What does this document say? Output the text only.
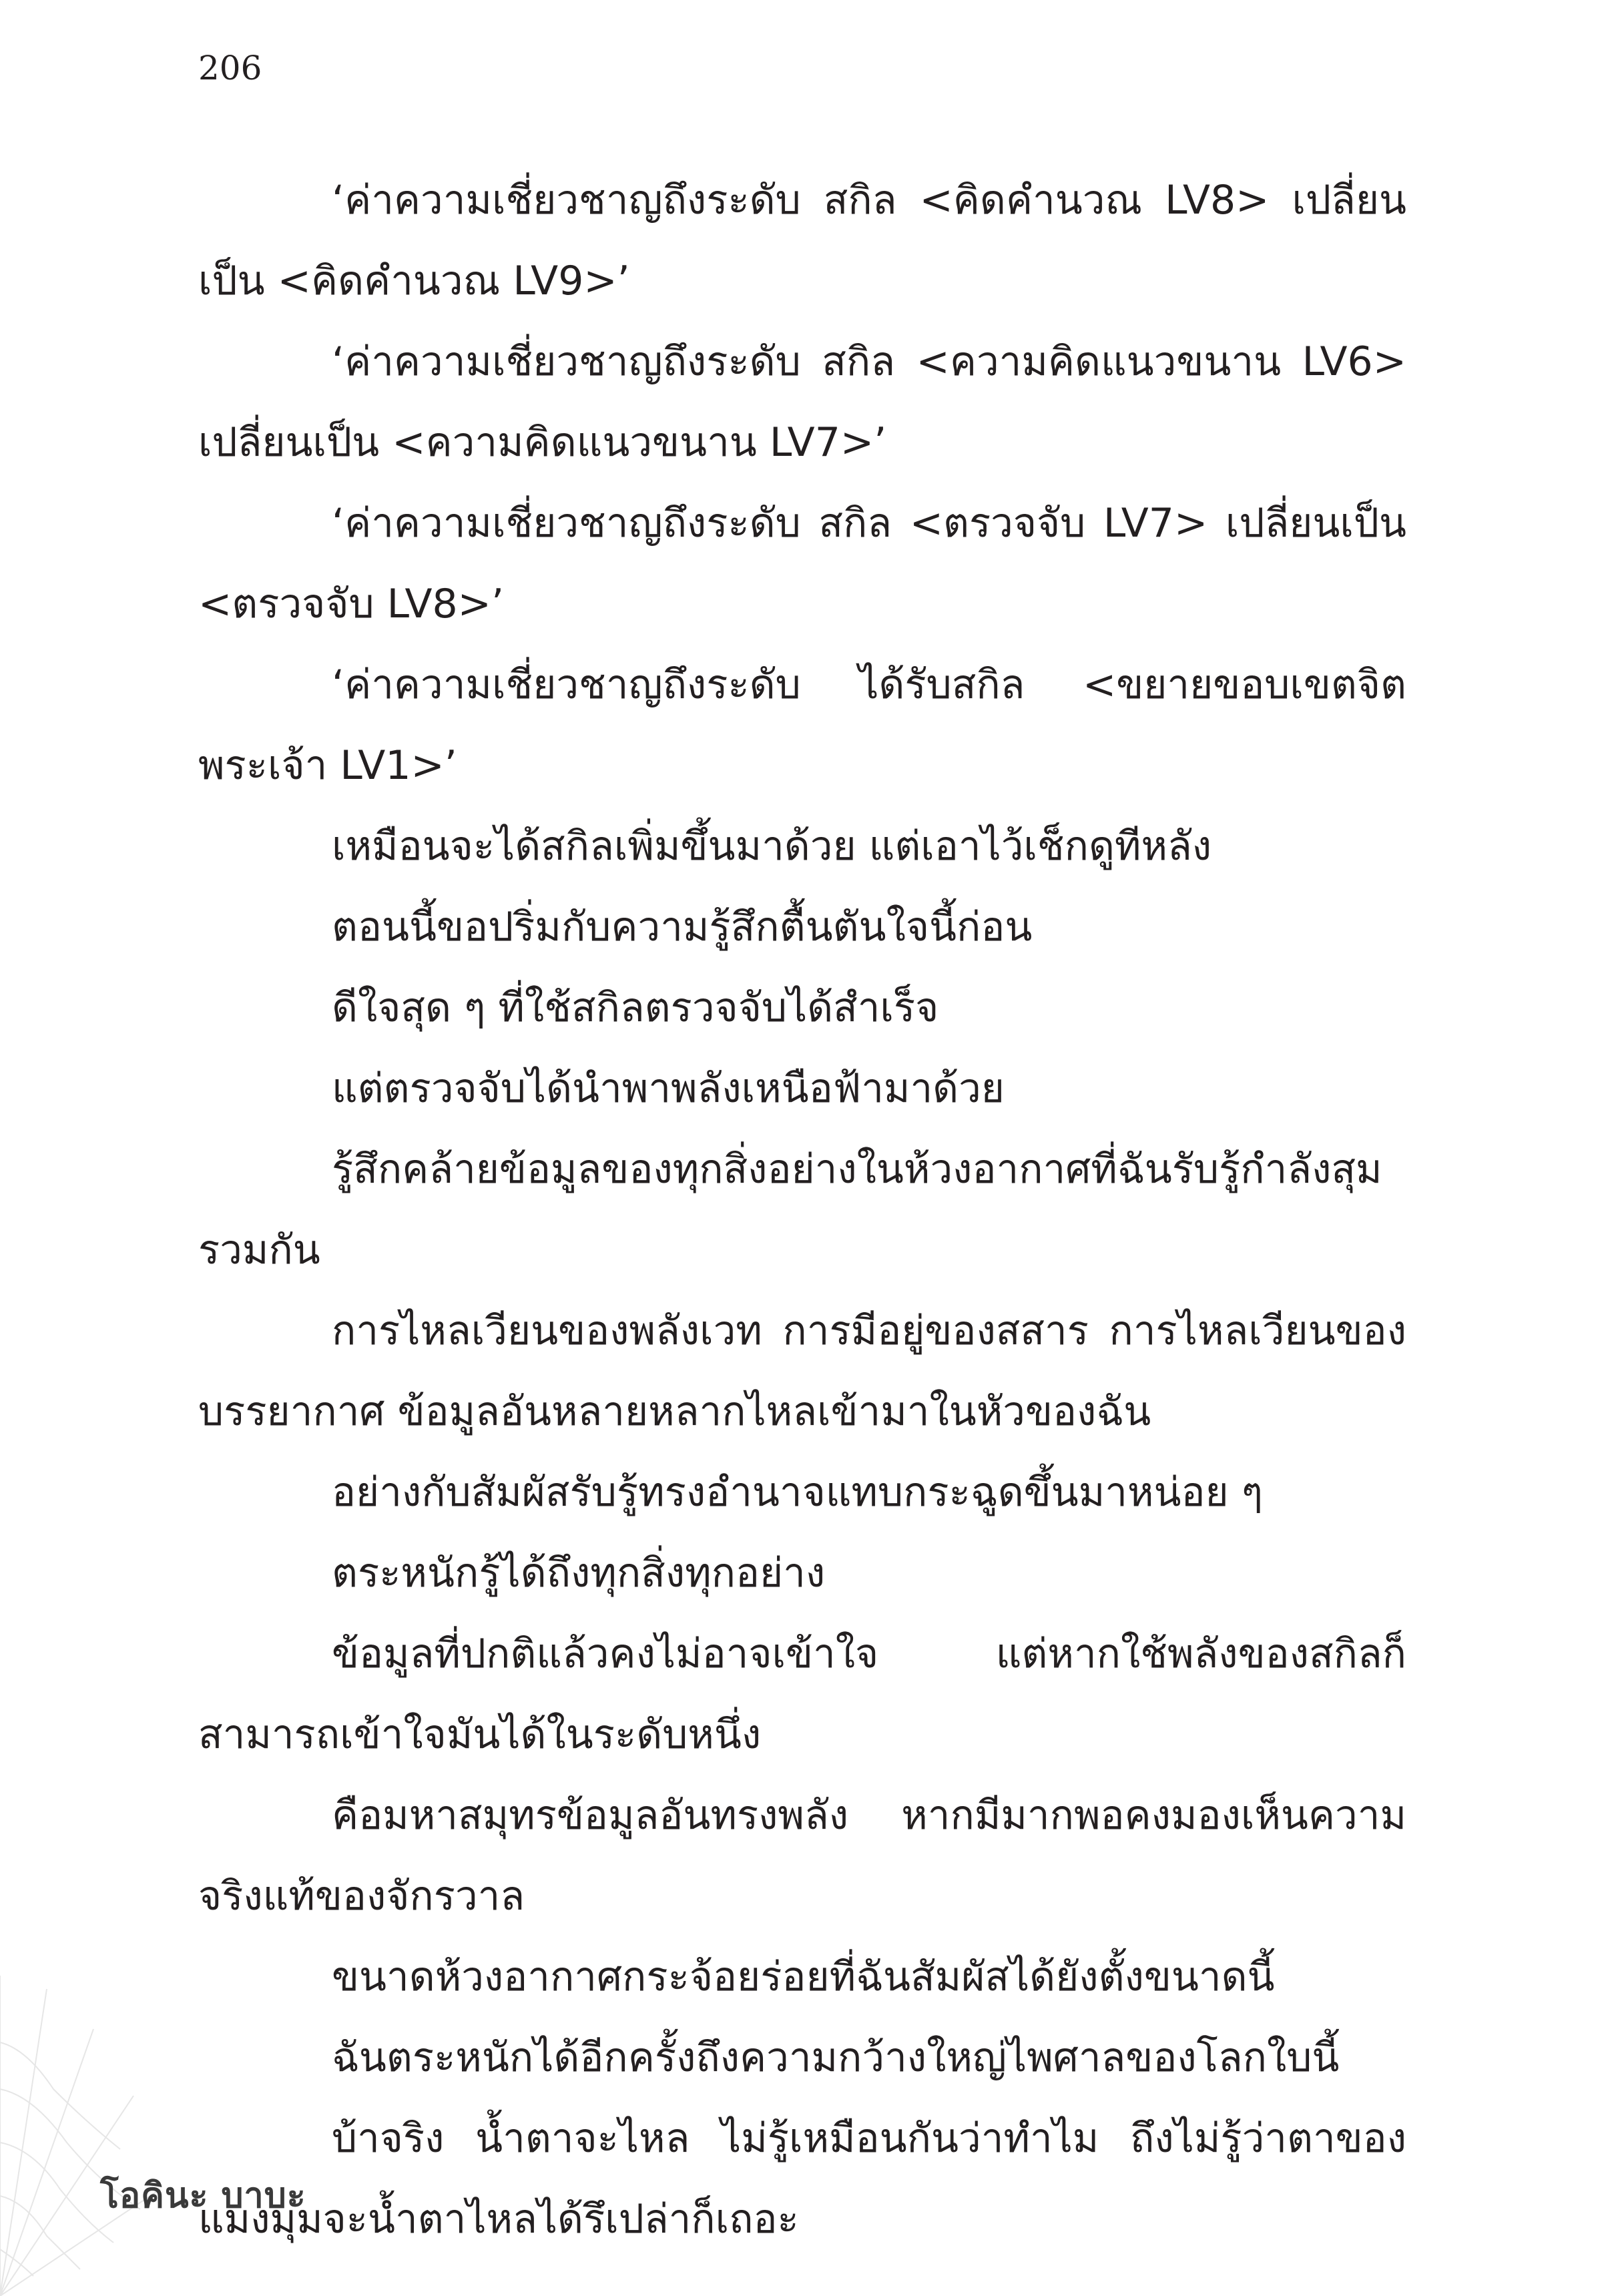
206

‘ค่าความเชี่ยวชาญถึงระดับ สกิล <คิดคำนวณ LV8> เปลี่ยนเป็น <คิดคำนวณ LV9>’

‘ค่าความเชี่ยวชาญถึงระดับ สกิล <ความคิดแนวขนาน LV6> เปลี่ยนเป็น <ความคิดแนวขนาน LV7>’

‘ค่าความเชี่ยวชาญถึงระดับ สกิล <ตรวจจับ LV7> เปลี่ยนเป็น <ตรวจจับ LV8>’

‘ค่าความเชี่ยวชาญถึงระดับ ได้รับสกิล <ขยายขอบเขตจิตพระเจ้า LV1>’

เหมือนจะได้สกิลเพิ่มขึ้นมาด้วย แต่เอาไว้เช็กดูทีหลัง

ตอนนี้ขอปริ่มกับความรู้สึกตื้นตันใจนี้ก่อน

ดีใจสุด ๆ ที่ใช้สกิลตรวจจับได้สำเร็จ

แต่ตรวจจับได้นำพาพลังเหนือฟ้ามาด้วย

รู้สึกคล้ายข้อมูลของทุกสิ่งอย่างในห้วงอากาศที่ฉันรับรู้กำลังสุมรวมกัน

การไหลเวียนของพลังเวท การมีอยู่ของสสาร การไหลเวียนของบรรยากาศ ข้อมูลอันหลายหลากไหลเข้ามาในหัวของฉัน

อย่างกับสัมผัสรับรู้ทรงอำนาจแทบกระฉูดขึ้นมาหน่อย ๆ

ตระหนักรู้ได้ถึงทุกสิ่งทุกอย่าง

ข้อมูลที่ปกติแล้วคงไม่อาจเข้าใจ แต่หากใช้พลังของสกิลก็สามารถเข้าใจมันได้ในระดับหนึ่ง

คือมหาสมุทรข้อมูลอันทรงพลัง หากมีมากพอคงมองเห็นความจริงแท้ของจักรวาล

ขนาดห้วงอากาศกระจ้อยร่อยที่ฉันสัมผัสได้ยังตั้งขนาดนี้

ฉันตระหนักได้อีกครั้งถึงความกว้างใหญ่ไพศาลของโลกใบนี้

บ้าจริง น้ำตาจะไหล ไม่รู้เหมือนกันว่าทำไม ถึงไม่รู้ว่าตาของแมงมุมจะน้ำตาไหลได้รึเปล่าก็เถอะ

โอคินะ บาบะ
